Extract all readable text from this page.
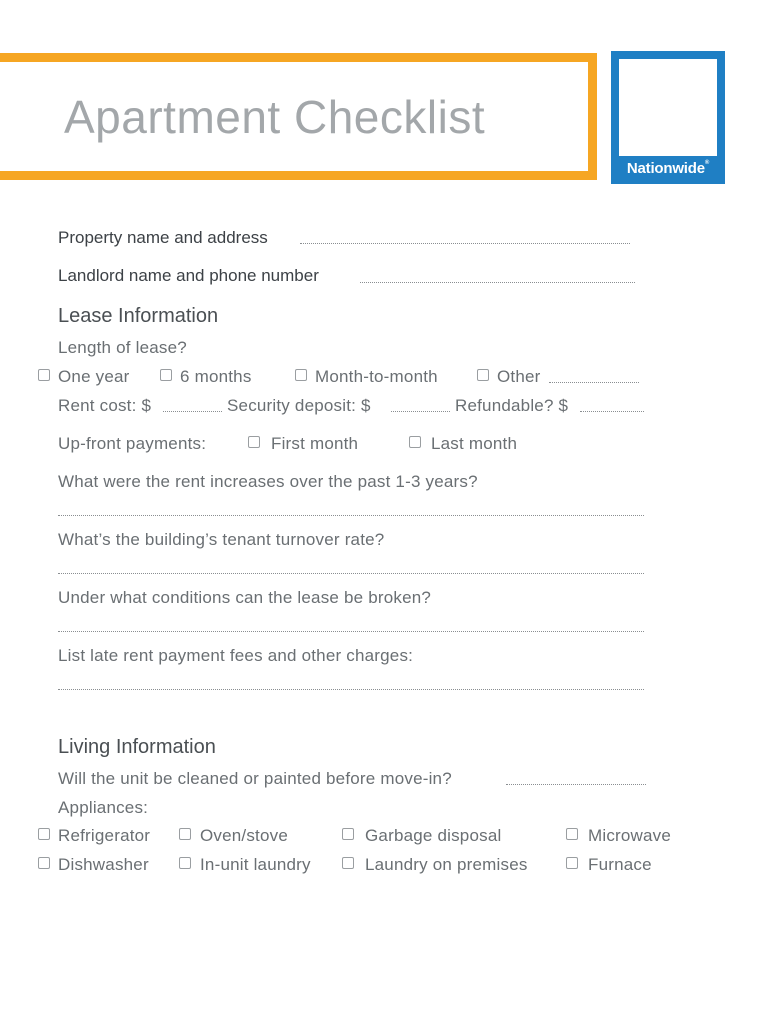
Apartment Checklist
Nationwide®
Property name and address
Landlord name and phone number
Lease Information
Length of lease?
One year	6 months	Month-to-month	Other
Rent cost: $	Security deposit: $	Refundable? $
Up-front payments:	First month	Last month
What were the rent increases over the past 1-3 years?
What’s the building’s tenant turnover rate?
Under what conditions can the lease be broken?
List late rent payment fees and other charges:
Living Information
Will the unit be cleaned or painted before move-in?
Appliances:
Refrigerator	Oven/stove	Garbage disposal	Microwave
Dishwasher	In-unit laundry	Laundry on premises	Furnace
